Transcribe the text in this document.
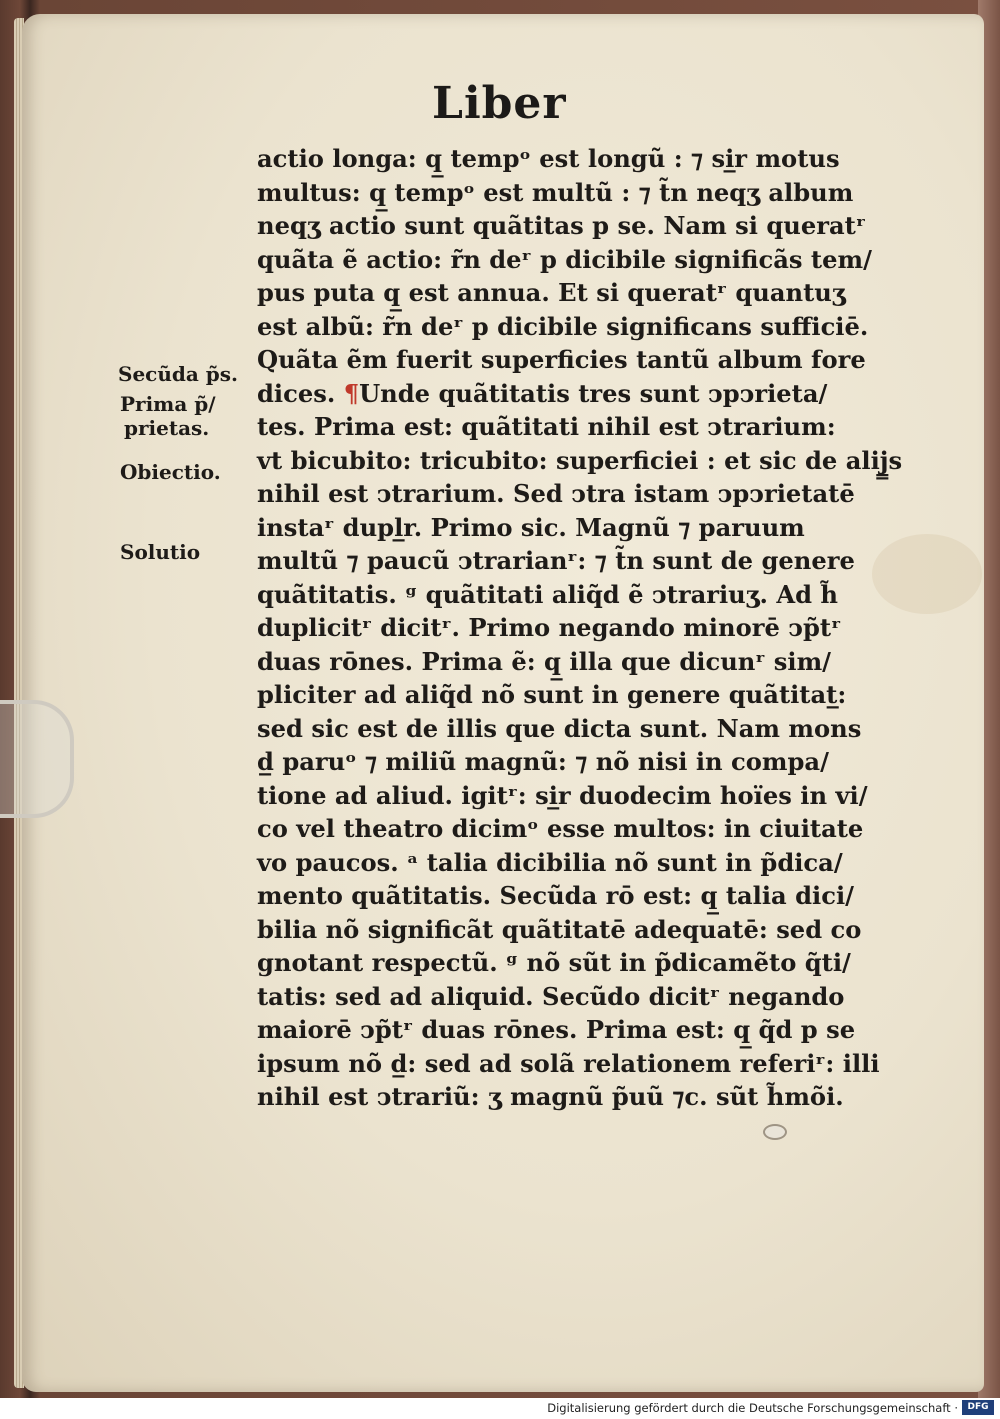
Liber
Secũda p̃s.
Prima p̃/
prietas.
Obiectio.
Solutio
actio longa: q̲ tempᵒ est longũ : ⁊ si̲r motus
multus: q̲ tempᵒ est multũ : ⁊ t̃n neqʒ album
neqʒ actio sunt quãtitas p se. Nam si queratʳ
quãta ẽ actio: r̃n deʳ p dicibile significãs tem/
pus puta q̲ est annua. Et si queratʳ quantuʒ
est albũ: r̃n deʳ p dicibile significans sufficiē.
Quãta ẽm fuerit superficies tantũ album fore
dices. ¶Unde quãtitatis tres sunt ↄpↄrieta/
tes. Prima est: quãtitati nihil est ↄtrarium:
vt bicubito: tricubito: superficiei : et sic de alij̳s
nihil est ↄtrarium. Sed ↄtra istam ↄpↄrietatē
instaʳ dupl̲r. Primo sic. Magnũ ⁊ paruum
multũ ⁊ paucũ ↄtrarianʳ: ⁊ t̃n sunt de genere
quãtitatis. ᵍ quãtitati aliq̃d ẽ ↄtrariuʒ. Ad h̃
duplicitʳ dicitʳ. Primo negando minorē ↄp̃tʳ
duas rōnes. Prima ẽ: q̲ illa que dicunʳ sim/
pliciter ad aliq̃d nõ sunt in genere quãtitat̲:
sed sic est de illis que dicta sunt. Nam mons
d̲ paruᵒ ⁊ miliũ magnũ: ⁊ nõ nisi in compa/
tione ad aliud. igitʳ: si̲r duodecim hoïes in vi/
co vel theatro dicimᵒ esse multos: in ciuitate
vo paucos. ᵃ talia dicibilia nõ sunt in p̃dica/
mento quãtitatis. Secũda rō est: q̲ talia dici/
bilia nõ significãt quãtitatē adequatē: sed co
gnotant respectũ. ᵍ nõ sũt in p̃dicamẽto q̃ti/
tatis: sed ad aliquid. Secũdo dicitʳ negando
maiorē ↄp̃tʳ duas rōnes. Prima est: q̲ q̃d p se
ipsum nõ d̲: sed ad solã relationem referiʳ: illi
nihil est ↄtrariũ: ʒ magnũ p̃uũ ⁊c. sũt h̃mõi.
Digitalisierung gefördert durch die Deutsche Forschungsgemeinschaft ·	DFG
